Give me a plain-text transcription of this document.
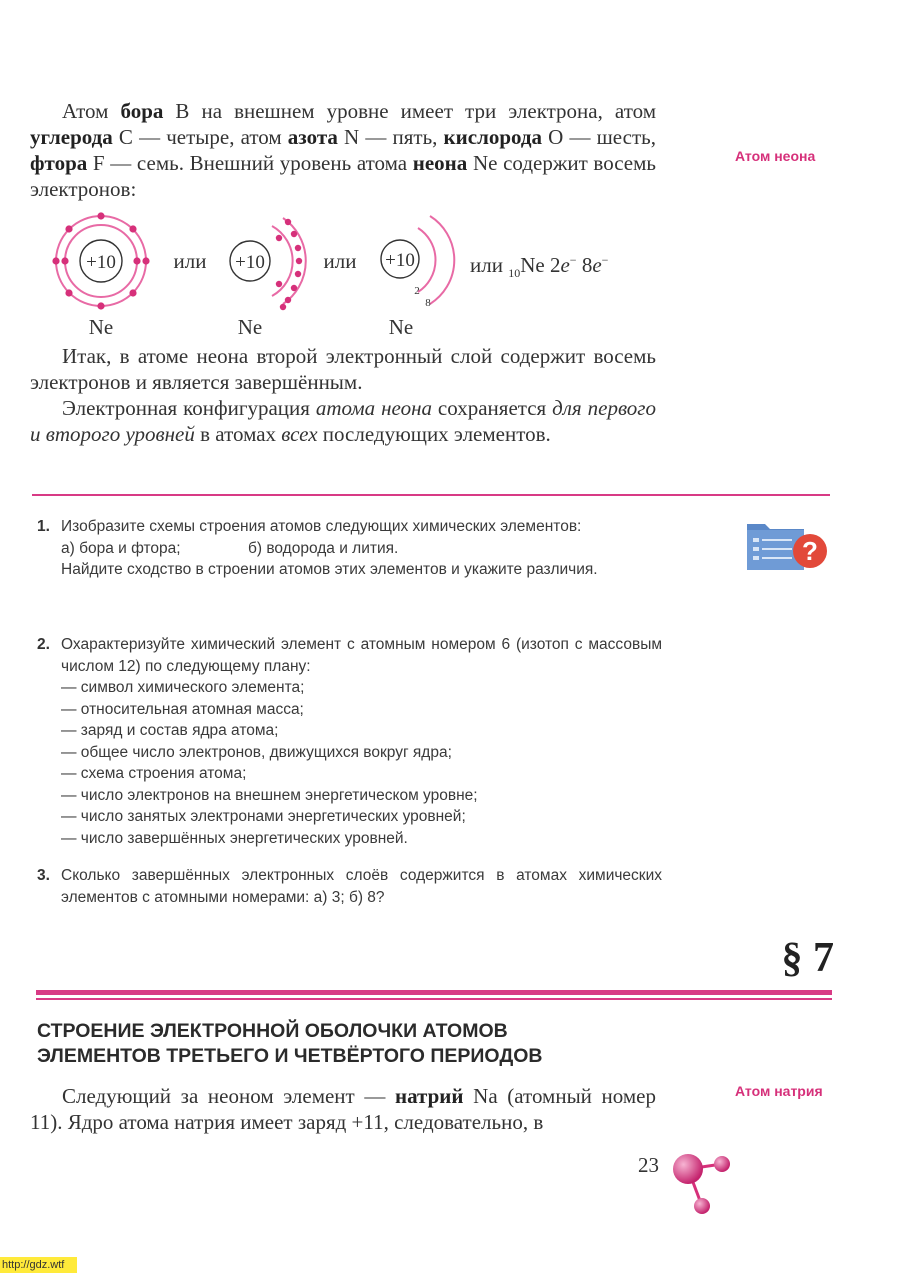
Атом бора B на внешнем уровне имеет три электрона, атом углерода C — четыре, атом азота N — пять, кислорода O — шесть, фтора F — семь. Внешний уровень атома неона Ne содержит восемь электронов:

Атом неона
+10	или +10	или +10
2
8
Ne	Ne	Ne
или $_{10}$Ne 2e− 8e−

Итак, в атоме неона второй электронный слой содержит восемь электронов и является завершённым.

Электронная конфигурация атома неона сохраняется для первого и второго уровней в атомах всех последующих элементов.

?
1. Изобразите схемы строения атомов следующих химических элементов:
а) бора и фтора;	б) водорода и лития.
Найдите сходство в строении атомов этих элементов и укажите различия.
2. Охарактеризуйте химический элемент с атомным номером 6 (изотоп с массовым числом 12) по следующему плану:
— символ химического элемента;
— относительная атомная масса;
— заряд и состав ядра атома;
— общее число электронов, движущихся вокруг ядра;
— схема строения атома;
— число электронов на внешнем энергетическом уровне;
— число занятых электронами энергетических уровней;
— число завершённых энергетических уровней.
3. Сколько завершённых электронных слоёв содержится в атомах химических элементов с атомными номерами: а) 3; б) 8?
§ 7
СТРОЕНИЕ ЭЛЕКТРОННОЙ ОБОЛОЧКИ АТОМОВ
ЭЛЕМЕНТОВ ТРЕТЬЕГО И ЧЕТВЁРТОГО ПЕРИОДОВ

Следующий за неоном элемент — натрий Na (атомный номер 11). Ядро атома натрия имеет заряд +11, следовательно, в

Атом натрия
23
http://gdz.wtf
